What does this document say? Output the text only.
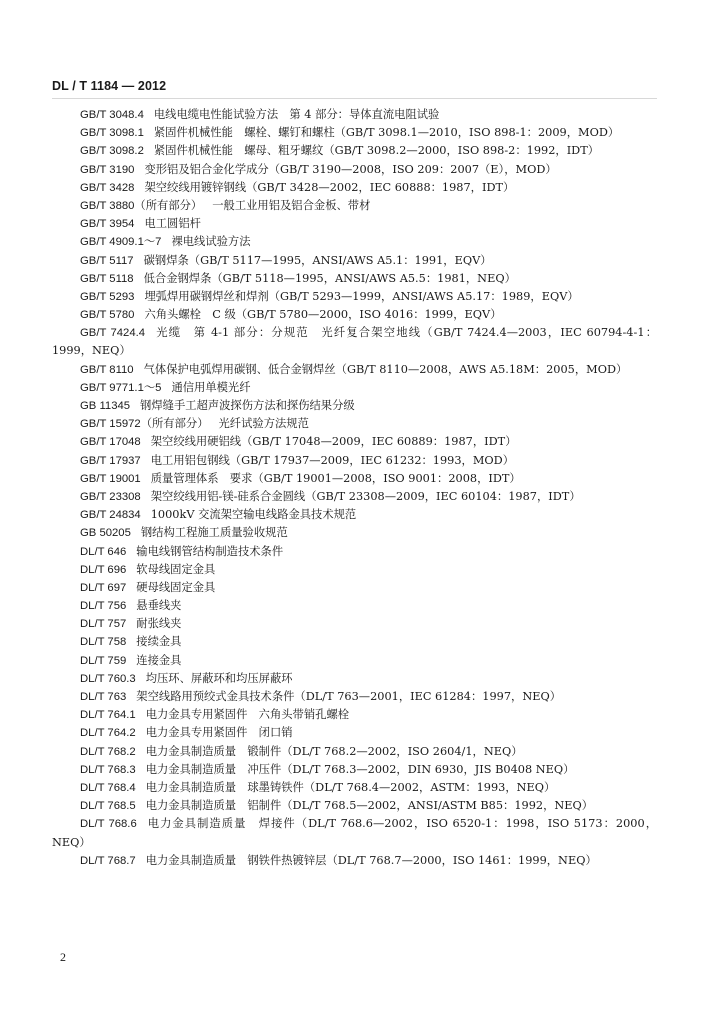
DL / T 1184 — 2012
GB/T 3048.4 电线电缆电性能试验方法　第 4 部分：导体直流电阻试验
GB/T 3098.1 紧固件机械性能　螺栓、螺钉和螺柱（GB/T 3098.1—2010，ISO 898-1：2009，MOD）
GB/T 3098.2 紧固件机械性能　螺母、粗牙螺纹（GB/T 3098.2—2000，ISO 898-2：1992，IDT）
GB/T 3190 变形铝及铝合金化学成分（GB/T 3190—2008，ISO 209：2007（E），MOD）
GB/T 3428 架空绞线用镀锌钢线（GB/T 3428—2002，IEC 60888：1987，IDT）
GB/T 3880（所有部分） 一般工业用铝及铝合金板、带材
GB/T 3954 电工圆铝杆
GB/T 4909.1～7 裸电线试验方法
GB/T 5117 碳钢焊条（GB/T 5117—1995，ANSI/AWS A5.1：1991，EQV）
GB/T 5118 低合金钢焊条（GB/T 5118—1995，ANSI/AWS A5.5：1981，NEQ）
GB/T 5293 埋弧焊用碳钢焊丝和焊剂（GB/T 5293—1999，ANSI/AWS A5.17：1989，EQV）
GB/T 5780 六角头螺栓　C 级（GB/T 5780—2000，ISO 4016：1999，EQV）
GB/T 7424.4 光缆　第 4-1 部分：分规范　光纤复合架空地线（GB/T 7424.4—2003，IEC 60794-4-1：1999，NEQ）
GB/T 8110 气体保护电弧焊用碳钢、低合金钢焊丝（GB/T 8110—2008，AWS A5.18M：2005，MOD）
GB/T 9771.1～5 通信用单模光纤
GB 11345 钢焊缝手工超声波探伤方法和探伤结果分级
GB/T 15972（所有部分） 光纤试验方法规范
GB/T 17048 架空绞线用硬铝线（GB/T 17048—2009，IEC 60889：1987，IDT）
GB/T 17937 电工用铝包钢线（GB/T 17937—2009，IEC 61232：1993，MOD）
GB/T 19001 质量管理体系　要求（GB/T 19001—2008，ISO 9001：2008，IDT）
GB/T 23308 架空绞线用铝-镁-硅系合金圆线（GB/T 23308—2009，IEC 60104：1987，IDT）
GB/T 24834 1000kV 交流架空输电线路金具技术规范
GB 50205 钢结构工程施工质量验收规范
DL/T 646 输电线钢管结构制造技术条件
DL/T 696 软母线固定金具
DL/T 697 硬母线固定金具
DL/T 756 悬垂线夹
DL/T 757 耐张线夹
DL/T 758 接续金具
DL/T 759 连接金具
DL/T 760.3 均压环、屏蔽环和均压屏蔽环
DL/T 763 架空线路用预绞式金具技术条件（DL/T 763—2001，IEC 61284：1997，NEQ）
DL/T 764.1 电力金具专用紧固件　六角头带销孔螺栓
DL/T 764.2 电力金具专用紧固件　闭口销
DL/T 768.2 电力金具制造质量　锻制件（DL/T 768.2—2002，ISO 2604/1，NEQ）
DL/T 768.3 电力金具制造质量　冲压件（DL/T 768.3—2002，DIN 6930，JIS B0408 NEQ）
DL/T 768.4 电力金具制造质量　球墨铸铁件（DL/T 768.4—2002，ASTM：1993，NEQ）
DL/T 768.5 电力金具制造质量　铝制件（DL/T 768.5—2002，ANSI/ASTM B85：1992，NEQ）
DL/T 768.6 电力金具制造质量　焊接件（DL/T 768.6—2002，ISO 6520-1：1998，ISO 5173：2000，NEQ）
DL/T 768.7 电力金具制造质量　钢铁件热镀锌层（DL/T 768.7—2000，ISO 1461：1999，NEQ）
2
